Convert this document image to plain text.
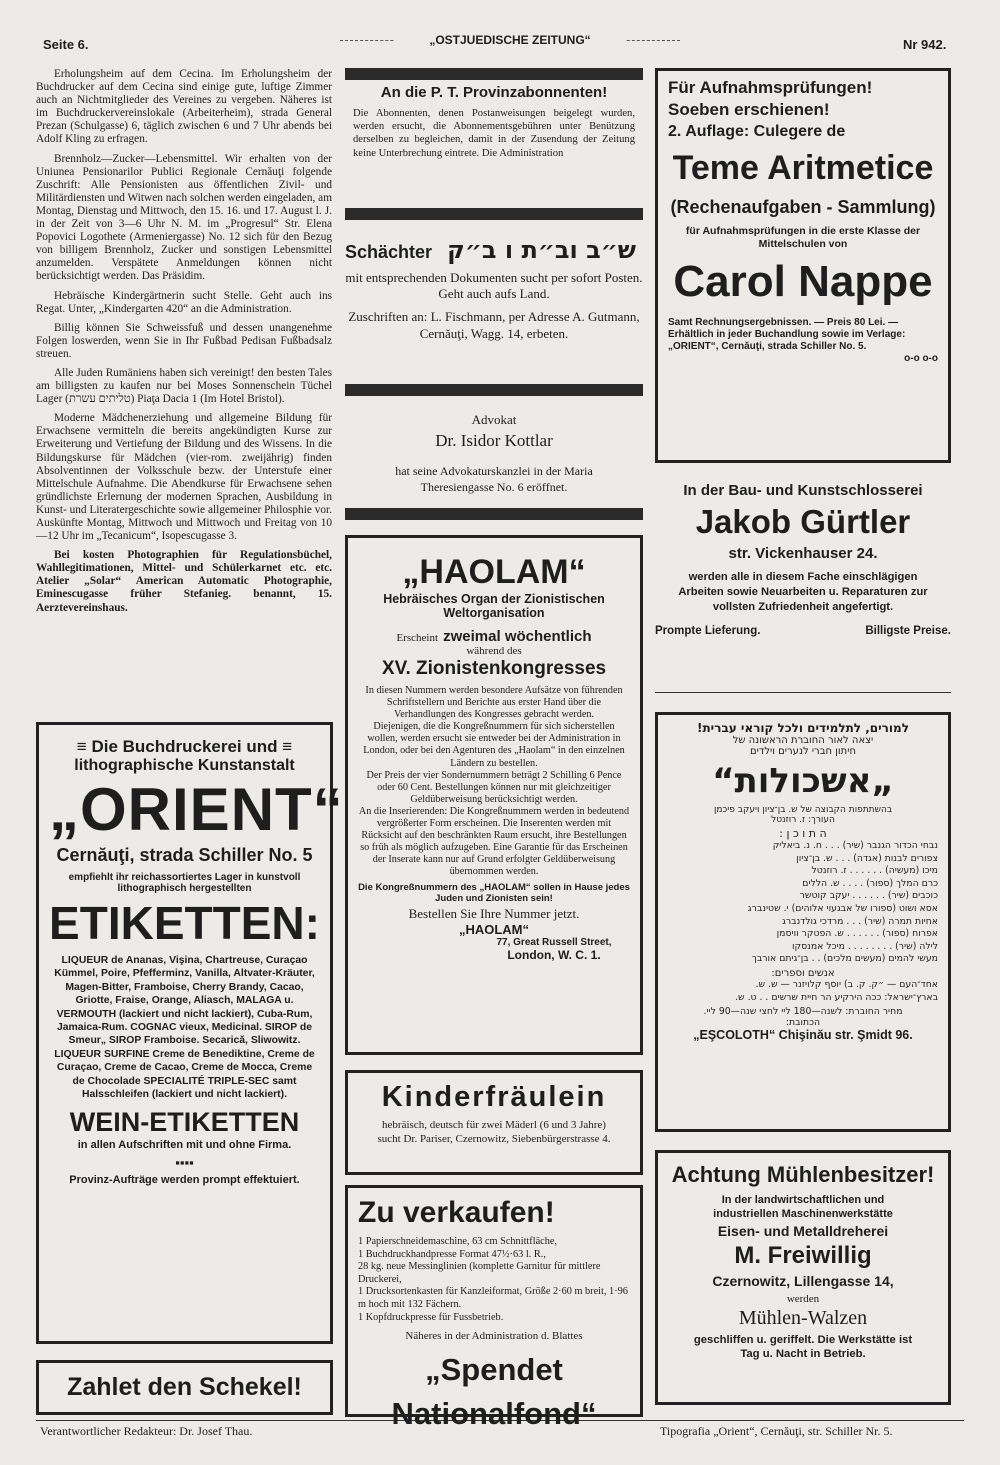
Seite 6.	„OSTJUEDISCHE ZEITUNG“	Nr 942.

Erholungsheim auf dem Cecina. Im Erholungsheim der Buchdrucker auf dem Cecina sind einige gute, luftige Zimmer auch an Nichtmitglieder des Vereines zu vergeben. Näheres ist im Buchdruckervereinslokale (Arbeiterheim), strada General Prezan (Schulgasse) 6, täglich zwischen 6 und 7 Uhr abends bei Adolf Kling zu erfragen.

Brennholz—Zucker—Lebensmittel. Wir erhalten von der Uniunea Pensionarilor Publici Regionale Cernăuţi folgende Zuschrift: Alle Pensionisten aus öffentlichen Zivil- und Militärdiensten und Witwen nach solchen werden eingeladen, am Montag, Dienstag und Mittwoch, den 15. 16. und 17. August l. J. in der Zeit von 3—6 Uhr N. M. im „Progresul“ Str. Elena Popovici Logothete (Armeniergasse) No. 12 sich für den Bezug von billigem Brennholz, Zucker und sonstigen Lebensmittel anzumelden. Verspätete Anmeldungen können nicht berücksichtigt werden. Das Präsidim.

Hebräische Kindergärtnerin sucht Stelle. Geht auch ins Regat. Unter, „Kindergarten 420“ an die Administration.

Billig können Sie Schweissfuß und dessen unangenehme Folgen loswerden, wenn Sie in Ihr Fußbad Pedisan Fußbadsalz streuen.

Alle Juden Rumäniens haben sich vereinigt! den besten Tales am billigsten zu kaufen nur bei Moses Sonnenschein Tüchel Lager (טליתים עשרת) Piaţa Dacia 1 (Im Hotel Bristol).

Moderne Mädchenerziehung und allgemeine Bildung für Erwachsene vermitteln die bereits angekündigten Kurse zur Erweiterung und Vertiefung der Bildung und des Wissens. In die Bildungskurse für Mädchen (vier-rom. zweijährig) finden Absolventinnen der Volksschule bezw. der Unterstufe einer Mittelschule Aufnahme. Die Abendkurse für Erwachsene sehen gründlichste Erlernung der modernen Sprachen, Ausbildung in Kunst- und Literatergeschichte sowie allgemeiner Philosphie vor. Auskünfte Montag, Mittwoch und Mittwoch und Freitag von 10—12 Uhr im „Tecanicum“, Isopescugasse 3.

Bei kosten Photographien für Regulationsbüchel, Wahllegitimationen, Mittel- und Schülerkarnet etc. etc. Atelier „Solar“ American Automatic Photographie, Eminescugasse früher Stefanieg. benannt, 15. Aerztevereinshaus.

≡ Die Buchdruckerei und ≡
lithographische Kunstanstalt
„ORIENT“
Cernăuţi, strada Schiller No. 5
empfiehlt ihr reichassortiertes Lager in kunstvoll lithographisch hergestellten
ETIKETTEN:
LIQUEUR de Ananas, Vişina, Chartreuse, Curaçao Kümmel, Poire, Pfefferminz, Vanilla, Altvater-Kräuter, Magen-Bitter, Framboise, Cherry Brandy, Cacao, Griotte, Fraise, Orange, Aliasch, MALAGA u. VERMOUTH (lackiert und nicht lackiert), Cuba-Rum, Jamaica-Rum. COGNAC vieux, Medicinal. SIROP de Smeur„ SIROP Framboise. Secarică, Sliwowitz. LIQUEUR SURFINE Creme de Benediktine, Creme de Curaçao, Creme de Cacao, Creme de Mocca, Creme de Chocolade SPECIALITÉ TRIPLE-SEC samt Halsschleifen (lackiert und nicht lackiert).
WEIN-ETIKETTEN
in allen Aufschriften mit und ohne Firma.
▪▪▪▪
Provinz-Aufträge werden prompt effektuiert.
Zahlet den Schekel!
Verantwortlicher Redakteur: Dr. Josef Thau.	Tipografia „Orient“, Cernăuţi, str. Schiller Nr. 5.
An die P. T. Provinzabonnenten!
Die Abonnenten, denen Postanweisungen beigelegt wurden, werden ersucht, die Abonnementsgebühren unter Benützung derselben zu begleichen, damit in der Zusendung der Zeitung keine Unterbrechung eintrete. Die Administration
Schächter ש״ב וב״ת ו ב״ק
mit entsprechenden Dokumenten sucht per sofort Posten. Geht auch aufs Land.
Zuschriften an: L. Fischmann, per Adresse A. Gutmann, Cernăuţi, Wagg. 14, erbeten.
Advokat
Dr. Isidor Kottlar
hat seine Advokaturskanzlei in der Maria Theresiengasse No. 6 eröffnet.
„HAOLAM“
Hebräisches Organ der Zionistischen Weltorganisation
Erscheint zweimal wöchentlich
während des
XV. Zionistenkongresses
In diesen Nummern werden besondere Aufsätze von führenden Schriftstellern und Berichte aus erster Hand über die Verhandlungen des Kongresses gebracht werden.
Diejenigen, die die Kongreßnummern für sich sicherstellen wollen, werden ersucht sie entweder bei der Administration in London, oder bei den Agenturen des „Haolam“ in den einzelnen Ländern zu bestellen.
Der Preis der vier Sondernummern beträgt 2 Schilling 6 Pence oder 60 Cent. Bestellungen können nur mit gleichzeitiger Geldüberweisung berücksichtigt werden.
An die Inserierenden: Die Kongreßnummern werden in bedeutend vergrößerter Form erscheinen. Die Inserenten werden mit Rücksicht auf den beschränkten Raum ersucht, ihre Bestellungen so früh als möglich aufzugeben. Eine Garantie für das Erscheinen der Inserate kann nur auf Grund erfolgter Geldüberweisung übernommen werden.
Die Kongreßnummern des „HAOLAM“ sollen in Hause jedes Juden und Zionisten sein!
Bestellen Sie Ihre Nummer jetzt.
„HAOLAM“
77, Great Russell Street,
London, W. C. 1.
Kinderfräulein
hebräisch, deutsch für zwei Mäderl (6 und 3 Jahre) sucht Dr. Pariser, Czernowitz, Siebenbürgerstrasse 4.
Zu verkaufen!
1 Papierschneidemaschine, 63 cm Schnittfläche,
1 Buchdruckhandpresse Format 47½·63 l. R.,
28 kg. neue Messinglinien (komplette Garnitur für mittlere Druckerei,
1 Drucksortenkasten für Kanzleiformat, Größe 2·60 m breit, 1·96 m hoch mit 132 Fächern.
1 Kopfdruckpresse für Fussbetrieb.
Näheres in der Administration d. Blattes
„Spendet Nationalfond“
Für Aufnahmsprüfungen!
Soeben erschienen!
2. Auflage: Culegere de
Teme Aritmetice
(Rechenaufgaben - Sammlung)
für Aufnahmsprüfungen in die erste Klasse der Mittelschulen von
Carol Nappe
Samt Rechnungsergebnissen. — Preis 80 Lei. — Erhältlich in jeder Buchandlung sowie im Verlage: „ORIENT“, Cernăuţi, strada Schiller No. 5.
o-o o-o
In der Bau- und Kunstschlosserei
Jakob Gürtler
str. Vickenhauser 24.
werden alle in diesem Fache einschlägigen Arbeiten sowie Neuarbeiten u. Reparaturen zur vollsten Zufriedenheit angefertigt.
Prompte Lieferung.	Billigste Preise.
למורים, לתלמידים ולכל קוראי עברית!
יצאה לאור החוברת הראשונה של
חיתון חברי לנערים וילדים
„אשכולות“
בהשתתפות הקבוצה של ש. בן־ציון ויעקב פיכמן
העורך: ז. רוזנטל
ה ת ו כ ן :
נבחי הכדור הגנבר (שיר) . . . ח. נ. ביאליק
צפורים לבנות (אגדה) . . . ש. בן־ציון
מיכו (מעשיה) . . . . . . ז. רוזנטל
כרם המלך (ספור) . . . . ש. הללים
כוכבים (שיר) . . . . . . יעקב קוטשר
אסא ושוט (ספורו של אבגעוי אלוהים) י. שטינברג
אחיות תמרה (שיר) . . . מרדכי גולדנברג
אפרוח (ספור) . . . . . . ש. הפטקר וויסמן
לילה (שיר) . . . . . . . . מיכל אמנסקו
מעשי להמים (מעשים מלכים) . . בן־גיתם אורבך
אנשים וספרים:
אחד־העם — ״ק. ק. ב) יוסף קלויזנר — ש. ש.
בארץ־ישראל: ככה הירקיע הר חיית שרשים . . ט. ש.
מחיר החוברת: לשנה—180 ליי לחצי שנה—90 ליי.
הכתובת:
„EŞCOLOTH“ Chişinău str. Şmidt 96.
Achtung Mühlenbesitzer!
In der landwirtschaftlichen und industriellen Maschinenwerkstätte
Eisen- und Metalldreherei
M. Freiwillig
Czernowitz, Lillengasse 14,
werden
Mühlen-Walzen
geschliffen u. geriffelt. Die Werkstätte ist Tag u. Nacht in Betrieb.
